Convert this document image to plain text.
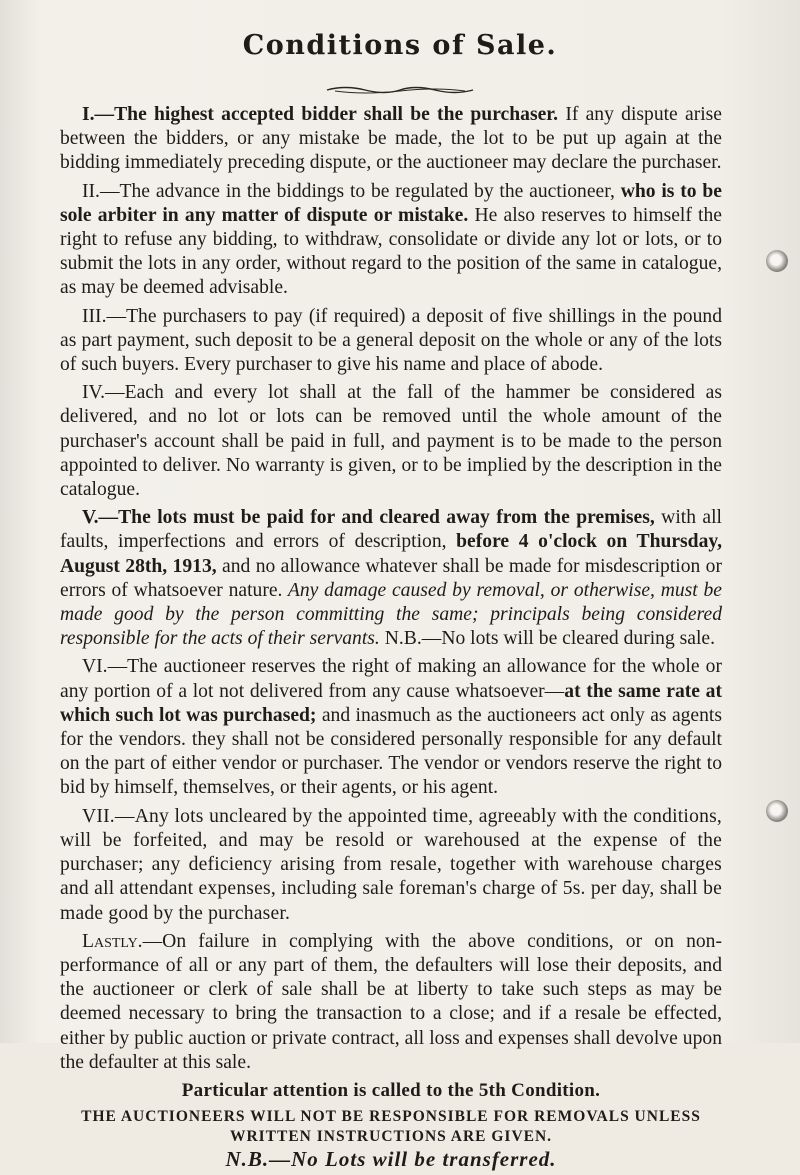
Conditions of Sale.

I.—The highest accepted bidder shall be the purchaser. If any dispute arise between the bidders, or any mistake be made, the lot to be put up again at the bidding immediately preceding dispute, or the auctioneer may declare the purchaser.

II.—The advance in the biddings to be regulated by the auctioneer, who is to be sole arbiter in any matter of dispute or mistake. He also reserves to himself the right to refuse any bidding, to withdraw, consolidate or divide any lot or lots, or to submit the lots in any order, without regard to the position of the same in catalogue, as may be deemed advisable.

III.—The purchasers to pay (if required) a deposit of five shillings in the pound as part payment, such deposit to be a general deposit on the whole or any of the lots of such buyers. Every purchaser to give his name and place of abode.

IV.—Each and every lot shall at the fall of the hammer be considered as delivered, and no lot or lots can be removed until the whole amount of the purchaser's account shall be paid in full, and payment is to be made to the person appointed to deliver. No warranty is given, or to be implied by the description in the catalogue.

V.—The lots must be paid for and cleared away from the premises, with all faults, imperfections and errors of description, before 4 o'clock on Thursday, August 28th, 1913, and no allowance whatever shall be made for misdescription or errors of whatsoever nature. Any damage caused by removal, or otherwise, must be made good by the person committing the same; principals being considered responsible for the acts of their servants. N.B.—No lots will be cleared during sale.

VI.—The auctioneer reserves the right of making an allowance for the whole or any portion of a lot not delivered from any cause whatsoever—at the same rate at which such lot was purchased; and inasmuch as the auctioneers act only as agents for the vendors. they shall not be considered personally responsible for any default on the part of either vendor or purchaser. The vendor or vendors reserve the right to bid by himself, themselves, or their agents, or his agent.

VII.—Any lots uncleared by the appointed time, agreeably with the conditions, will be forfeited, and may be resold or warehoused at the expense of the purchaser; any deficiency arising from resale, together with warehouse charges and all attendant expenses, including sale foreman's charge of 5s. per day, shall be made good by the purchaser.

Lastly.—On failure in complying with the above conditions, or on non-performance of all or any part of them, the defaulters will lose their deposits, and the auctioneer or clerk of sale shall be at liberty to take such steps as may be deemed necessary to bring the transaction to a close; and if a resale be effected, either by public auction or private contract, all loss and expenses shall devolve upon the defaulter at this sale.

Particular attention is called to the 5th Condition.

THE AUCTIONEERS WILL NOT BE RESPONSIBLE FOR REMOVALS UNLESS WRITTEN INSTRUCTIONS ARE GIVEN.

N.B.—No Lots will be transferred.
